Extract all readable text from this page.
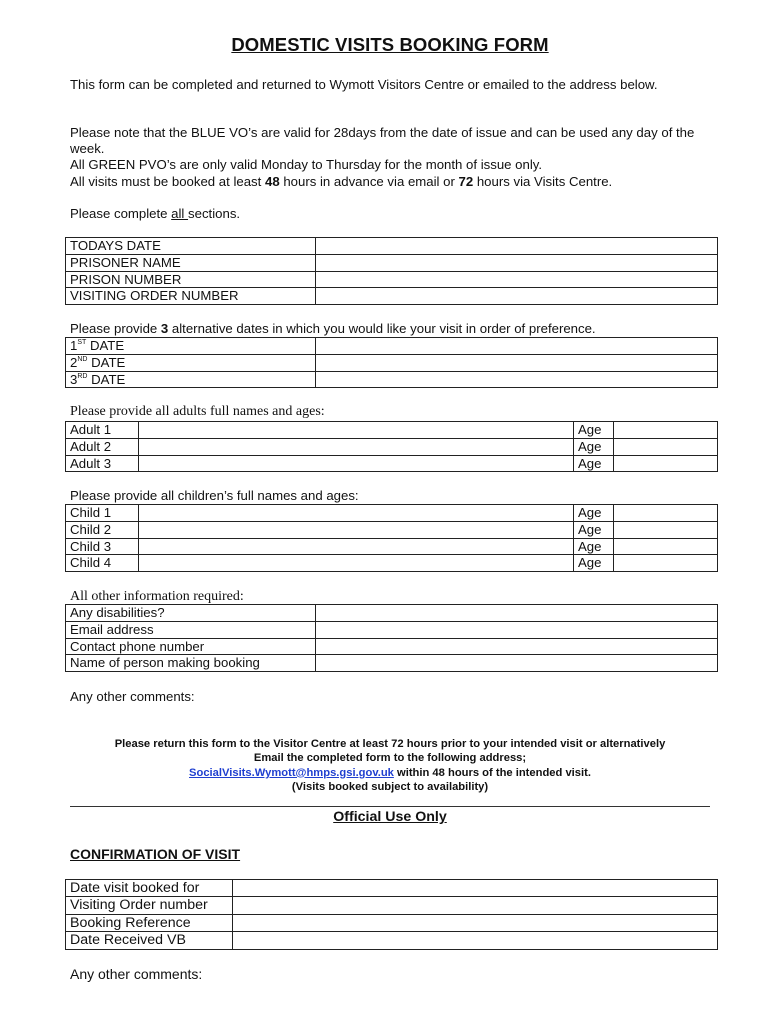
DOMESTIC VISITS BOOKING FORM
This form can be completed and returned to Wymott Visitors Centre or emailed to the address below.
Please note that the BLUE VO’s are valid for 28days from the date of issue and can be used any day of the week.
All GREEN PVO’s are only valid Monday to Thursday for the month of issue only.
All visits must be booked at least 48 hours in advance via email or 72 hours via Visits Centre.
Please complete all sections.
TODAYS DATE	
PRISONER NAME	
PRISON NUMBER	
VISITING ORDER NUMBER	
Please provide 3 alternative dates in which you would like your visit in order of preference.
1ST DATE	
2ND DATE	
3RD DATE	
Please provide all adults full names and ages:
Adult 1		Age	
Adult 2		Age	
Adult 3		Age	
Please provide all children’s full names and ages:
Child 1		Age	
Child 2		Age	
Child 3		Age	
Child 4		Age	
All other information required:
Any disabilities?	
Email address	
Contact phone number	
Name of person making booking	
Any other comments:
Please return this form to the Visitor Centre at least 72 hours prior to your intended visit or alternatively
Email the completed form to the following address;
SocialVisits.Wymott@hmps.gsi.gov.uk within 48 hours of the intended visit.
(Visits booked subject to availability)
Official Use Only
CONFIRMATION OF VISIT
Date visit booked for	
Visiting Order number	
Booking Reference	
Date Received VB	
Any other comments:
